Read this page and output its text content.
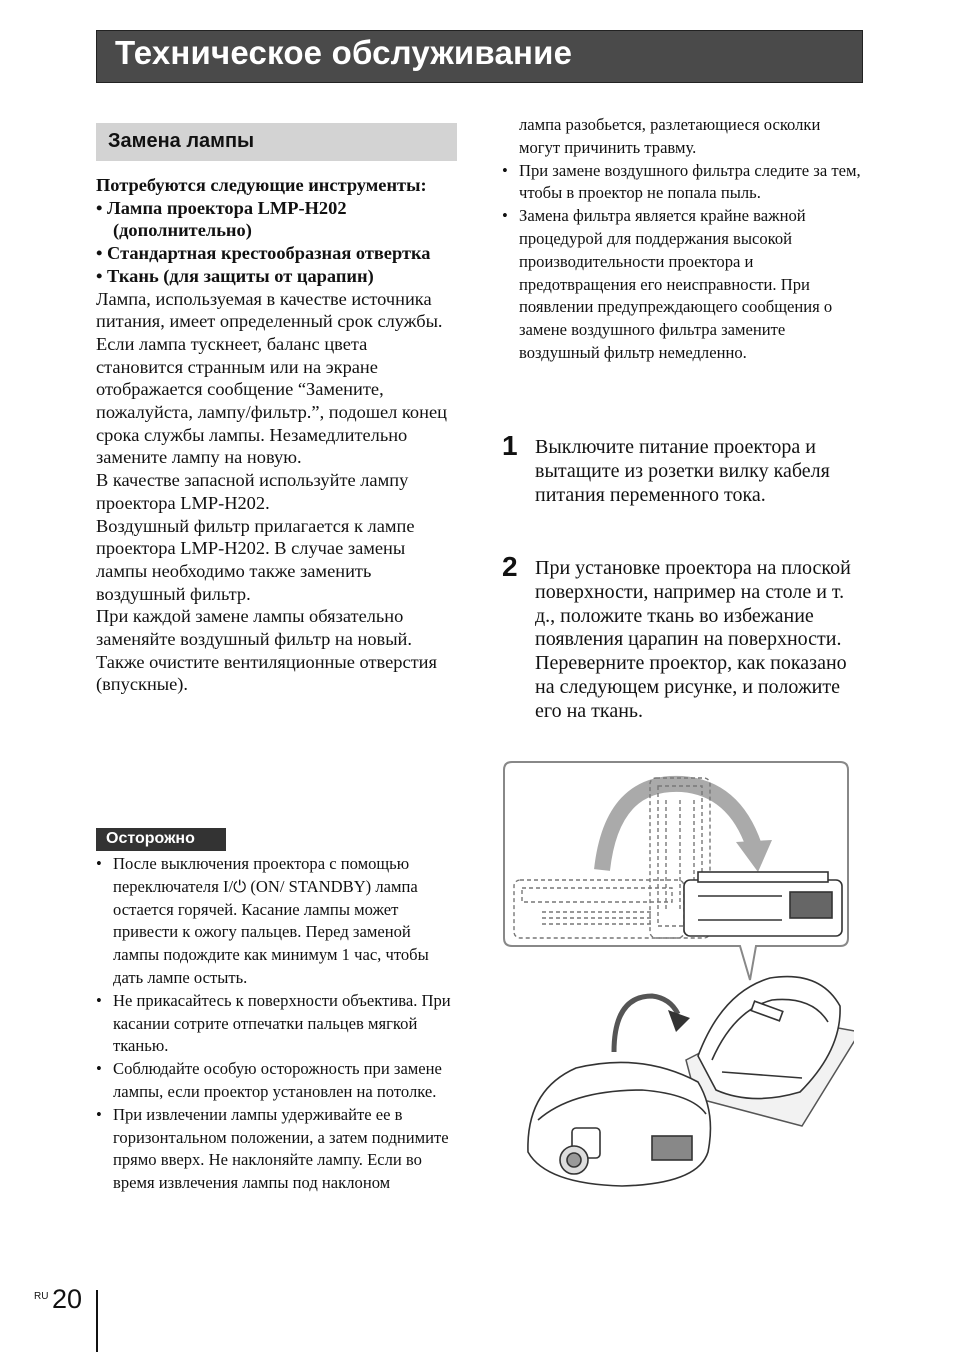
Техническое обслуживание
Замена лампы
Потребуются следующие инструменты:
• Лампа проектора LMP-H202 (дополнительно)
• Стандартная крестообразная отвертка
• Ткань (для защиты от царапин)

Лампа, используемая в качестве источника питания, имеет определенный срок службы. Если лампа тускнеет, баланс цвета становится странным или на экране отображается сообщение “Замените, пожалуйста, лампу/фильтр.”, подошел конец срока службы лампы. Незамедлительно замените лампу на новую.

В качестве запасной используйте лампу проектора LMP-H202.

Воздушный фильтр прилагается к лампе проектора LMP-H202. В случае замены лампы необходимо также заменить воздушный фильтр.

При каждой замене лампы обязательно заменяйте воздушный фильтр на новый. Также очистите вентиляционные отверстия (впускные).

Осторожно
• После выключения проектора с помощью переключателя I/⏻ (ON/ STANDBY) лампа остается горячей. Касание лампы может привести к ожогу пальцев. Перед заменой лампы подождите как минимум 1 час, чтобы дать лампе остыть.
• Не прикасайтесь к поверхности объектива. При касании сотрите отпечатки пальцев мягкой тканью.
• Соблюдайте особую осторожность при замене лампы, если проектор установлен на потолке.
• При извлечении лампы удерживайте ее в горизонтальном положении, а затем поднимите прямо вверх. Не наклоняйте лампу. Если во время извлечения лампы под наклоном
лампа разобьется, разлетающиеся осколки могут причинить травму.
• При замене воздушного фильтра следите за тем, чтобы в проектор не попала пыль.
• Замена фильтра является крайне важной процедурой для поддержания высокой производительности проектора и предотвращения его неисправности. При появлении предупреждающего сообщения о замене воздушного фильтра замените воздушный фильтр немедленно.
1 Выключите питание проектора и вытащите из розетки вилку кабеля питания переменного тока.
2 При установке проектора на плоской поверхности, например на столе и т. д., положите ткань во избежание появления царапин на поверхности. Переверните проектор, как показано на следующем рисунке, и положите его на ткань.
RU 20
